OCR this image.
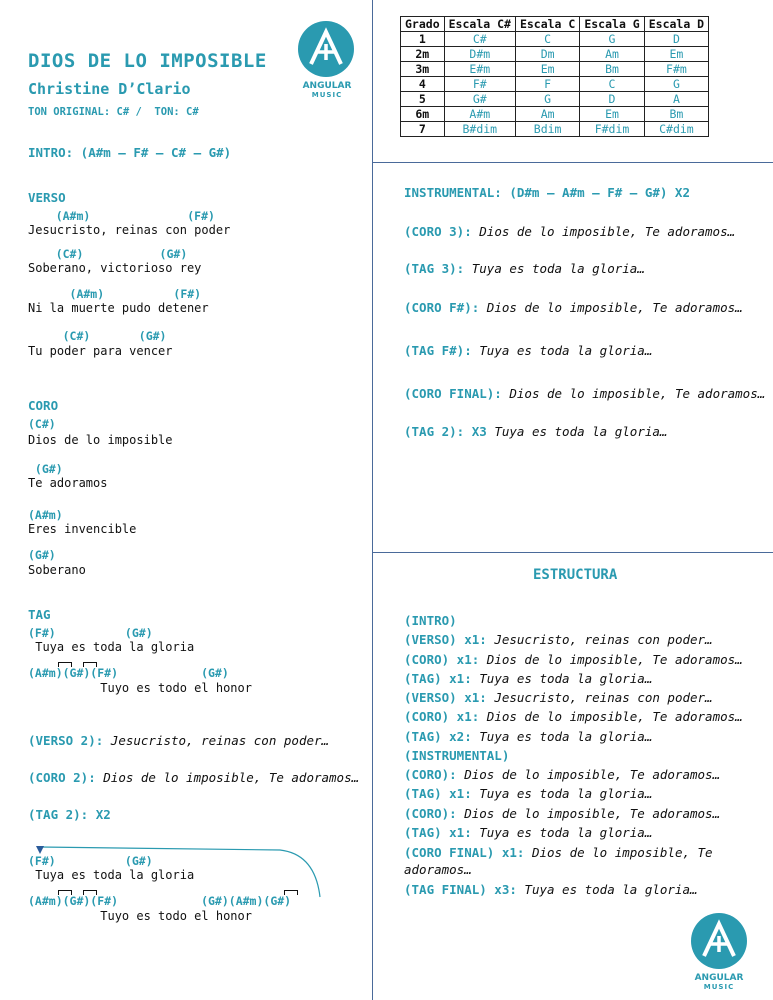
DIOS DE LO IMPOSIBLE
Christine D’Clario
TON ORIGINAL: C# /  TON: C#
ANGULAR
MUSIC
INTRO: (A#m – F# – C# – G#)
VERSO
(A#m)              (F#)
Jesucristo, reinas con poder
(C#)           (G#)
Soberano, victorioso rey
(A#m)          (F#)
Ni la muerte pudo detener
(C#)       (G#)
Tu poder para vencer
CORO
(C#)
Dios de lo imposible
(G#)
Te adoramos
(A#m)
Eres invencible
(G#)
Soberano
TAG
(F#)          (G#)
Tuya es toda la gloria
(A#m)(G#)(F#)            (G#)
Tuyo es todo el honor
(VERSO 2): Jesucristo, reinas con poder…
(CORO 2): Dios de lo imposible, Te adoramos…
(TAG 2): X2
(F#)          (G#)
Tuya es toda la gloria
(A#m)(G#)(F#)            (G#)(A#m)(G#)
Tuyo es todo el honor
Grado	Escala C#	Escala C	Escala G	Escala D
1	C#	C	G	D
2m	D#m	Dm	Am	Em
3m	E#m	Em	Bm	F#m
4	F#	F	C	G
5	G#	G	D	A
6m	A#m	Am	Em	Bm
7	B#dim	Bdim	F#dim	C#dim
INSTRUMENTAL: (D#m – A#m – F# – G#) X2
(CORO 3): Dios de lo imposible, Te adoramos…
(TAG 3): Tuya es toda la gloria…
(CORO F#): Dios de lo imposible, Te adoramos…
(TAG F#): Tuya es toda la gloria…
(CORO FINAL): Dios de lo imposible, Te adoramos…
(TAG 2): X3 Tuya es toda la gloria…
ESTRUCTURA
(INTRO)
(VERSO) x1: Jesucristo, reinas con poder…
(CORO) x1: Dios de lo imposible, Te adoramos…
(TAG) x1: Tuya es toda la gloria…
(VERSO) x1: Jesucristo, reinas con poder…
(CORO) x1: Dios de lo imposible, Te adoramos…
(TAG) x2: Tuya es toda la gloria…
(INSTRUMENTAL)
(CORO): Dios de lo imposible, Te adoramos…
(TAG) x1: Tuya es toda la gloria…
(CORO): Dios de lo imposible, Te adoramos…
(TAG) x1: Tuya es toda la gloria…
(CORO FINAL) x1: Dios de lo imposible, Te
adoramos…
(TAG FINAL) x3: Tuya es toda la gloria…
ANGULAR
MUSIC
